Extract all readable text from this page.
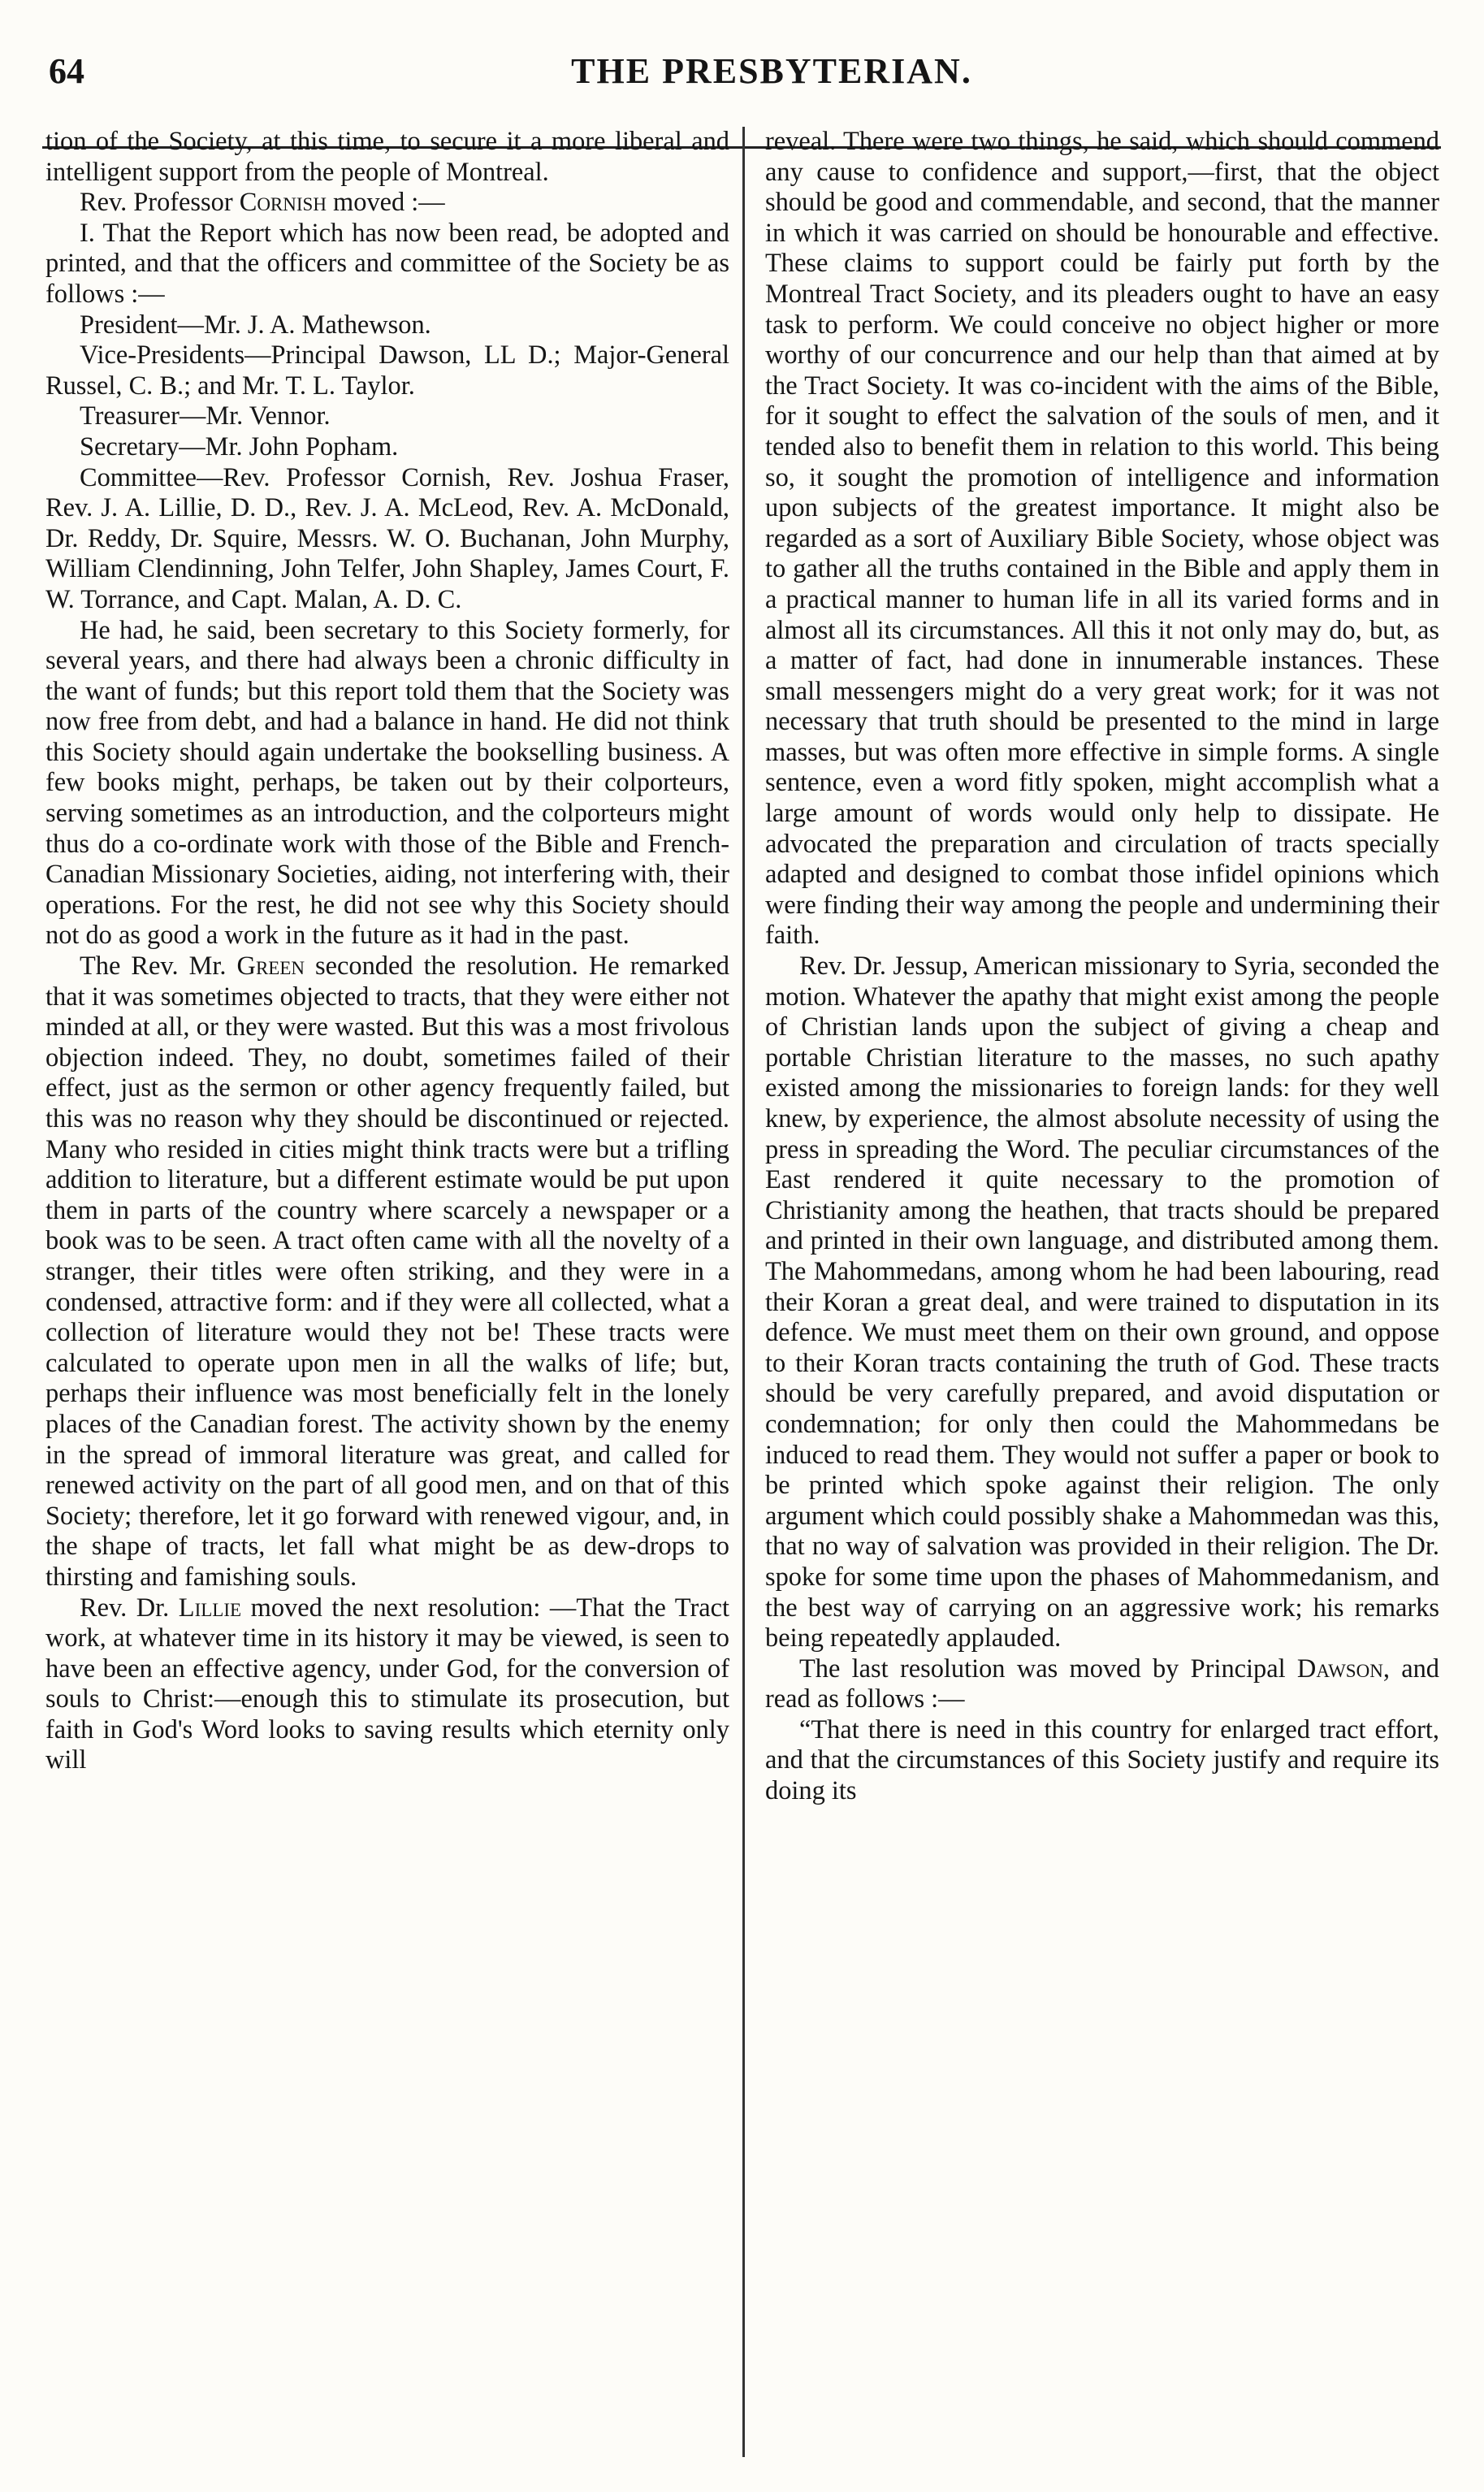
64	THE PRESBYTERIAN.

tion of the Society, at this time, to secure it a more liberal and intelligent support from the people of Montreal.

Rev. Professor Cornish moved :—

I. That the Report which has now been read, be adopted and printed, and that the officers and committee of the Society be as follows :—

President—Mr. J. A. Mathewson.

Vice-Presidents—Principal Dawson, LL D.; Major-General Russel, C. B.; and Mr. T. L. Taylor.

Treasurer—Mr. Vennor.

Secretary—Mr. John Popham.

Committee—Rev. Professor Cornish, Rev. Joshua Fraser, Rev. J. A. Lillie, D. D., Rev. J. A. McLeod, Rev. A. McDonald, Dr. Reddy, Dr. Squire, Messrs. W. O. Buchanan, John Murphy, William Clendinning, John Telfer, John Shapley, James Court, F. W. Torrance, and Capt. Malan, A. D. C.

He had, he said, been secretary to this Society formerly, for several years, and there had always been a chronic difficulty in the want of funds; but this report told them that the Society was now free from debt, and had a balance in hand. He did not think this Society should again undertake the bookselling business. A few books might, perhaps, be taken out by their colporteurs, serving sometimes as an introduction, and the colporteurs might thus do a co-ordinate work with those of the Bible and French-Canadian Missionary Societies, aiding, not interfering with, their operations. For the rest, he did not see why this Society should not do as good a work in the future as it had in the past.

The Rev. Mr. Green seconded the resolution. He remarked that it was sometimes objected to tracts, that they were either not minded at all, or they were wasted. But this was a most frivolous objection indeed. They, no doubt, sometimes failed of their effect, just as the sermon or other agency frequently failed, but this was no reason why they should be discontinued or rejected. Many who resided in cities might think tracts were but a trifling addition to literature, but a different estimate would be put upon them in parts of the country where scarcely a newspaper or a book was to be seen. A tract often came with all the novelty of a stranger, their titles were often striking, and they were in a condensed, attractive form: and if they were all collected, what a collection of literature would they not be! These tracts were calculated to operate upon men in all the walks of life; but, perhaps their influence was most beneficially felt in the lonely places of the Canadian forest. The activity shown by the enemy in the spread of immoral literature was great, and called for renewed activity on the part of all good men, and on that of this Society; therefore, let it go forward with renewed vigour, and, in the shape of tracts, let fall what might be as dew-drops to thirsting and famishing souls.

Rev. Dr. Lillie moved the next resolution: —That the Tract work, at whatever time in its history it may be viewed, is seen to have been an effective agency, under God, for the conversion of souls to Christ:—enough this to stimulate its prosecution, but faith in God's Word looks to saving results which eternity only will

reveal. There were two things, he said, which should commend any cause to confidence and support,—first, that the object should be good and commendable, and second, that the manner in which it was carried on should be honourable and effective. These claims to support could be fairly put forth by the Montreal Tract Society, and its pleaders ought to have an easy task to perform. We could conceive no object higher or more worthy of our concurrence and our help than that aimed at by the Tract Society. It was co-incident with the aims of the Bible, for it sought to effect the salvation of the souls of men, and it tended also to benefit them in relation to this world. This being so, it sought the promotion of intelligence and information upon subjects of the greatest importance. It might also be regarded as a sort of Auxiliary Bible Society, whose object was to gather all the truths contained in the Bible and apply them in a practical manner to human life in all its varied forms and in almost all its circumstances. All this it not only may do, but, as a matter of fact, had done in innumerable instances. These small messengers might do a very great work; for it was not necessary that truth should be presented to the mind in large masses, but was often more effective in simple forms. A single sentence, even a word fitly spoken, might accomplish what a large amount of words would only help to dissipate. He advocated the preparation and circulation of tracts specially adapted and designed to combat those infidel opinions which were finding their way among the people and undermining their faith.

Rev. Dr. Jessup, American missionary to Syria, seconded the motion. Whatever the apathy that might exist among the people of Christian lands upon the subject of giving a cheap and portable Christian literature to the masses, no such apathy existed among the missionaries to foreign lands: for they well knew, by experience, the almost absolute necessity of using the press in spreading the Word. The peculiar circumstances of the East rendered it quite necessary to the promotion of Christianity among the heathen, that tracts should be prepared and printed in their own language, and distributed among them. The Mahommedans, among whom he had been labouring, read their Koran a great deal, and were trained to disputation in its defence. We must meet them on their own ground, and oppose to their Koran tracts containing the truth of God. These tracts should be very carefully prepared, and avoid disputation or condemnation; for only then could the Mahommedans be induced to read them. They would not suffer a paper or book to be printed which spoke against their religion. The only argument which could possibly shake a Mahommedan was this, that no way of salvation was provided in their religion. The Dr. spoke for some time upon the phases of Mahommedanism, and the best way of carrying on an aggressive work; his remarks being repeatedly applauded.

The last resolution was moved by Principal Dawson, and read as follows :—

“That there is need in this country for enlarged tract effort, and that the circumstances of this Society justify and require its doing its
